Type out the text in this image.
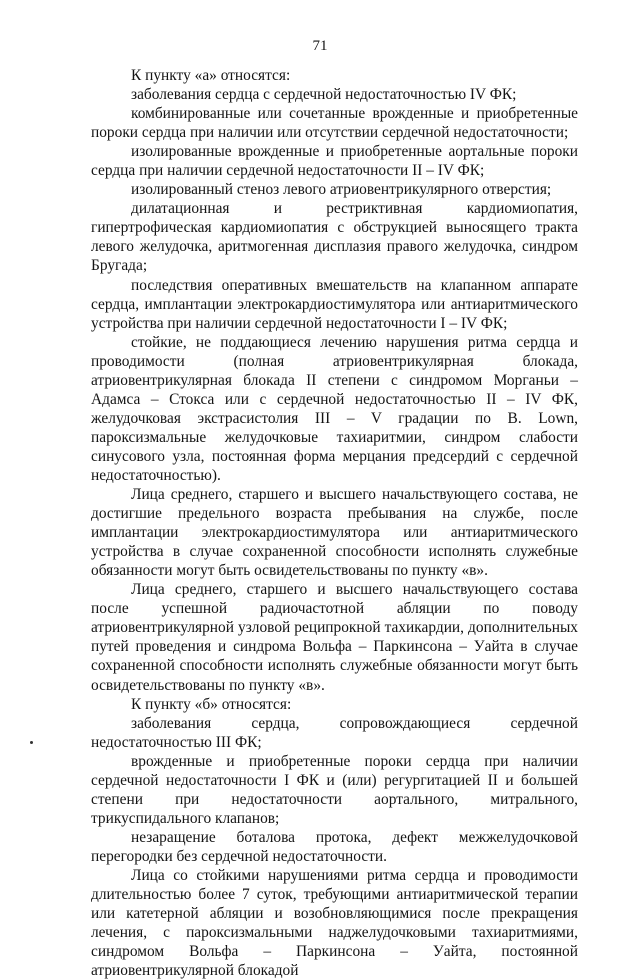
71

К пункту «а» относятся:

заболевания сердца с сердечной недостаточностью IV ФК;

комбинированные или сочетанные врожденные и приобретенные пороки сердца при наличии или отсутствии сердечной недостаточности;

изолированные врожденные и приобретенные аортальные пороки сердца при наличии сердечной недостаточности II – IV ФК;

изолированный стеноз левого атриовентрикулярного отверстия;

дилатационная и рестриктивная кардиомиопатия, гипертрофическая кардиомиопатия с обструкцией выносящего тракта левого желудочка, аритмогенная дисплазия правого желудочка, синдром Бругада;

последствия оперативных вмешательств на клапанном аппарате сердца, имплантации электрокардиостимулятора или антиаритмического устройства при наличии сердечной недостаточности I – IV ФК;

стойкие, не поддающиеся лечению нарушения ритма сердца и проводимости (полная атриовентрикулярная блокада, атриовентрикулярная блокада II степени с синдромом Морганьи – Адамса – Стокса или с сердечной недостаточностью II – IV ФК, желудочковая экстрасистолия III – V градации по B. Lown, пароксизмальные желудочковые тахиаритмии, синдром слабости синусового узла, постоянная форма мерцания предсердий с сердечной недостаточностью).

Лица среднего, старшего и высшего начальствующего состава, не достигшие предельного возраста пребывания на службе, после имплантации электрокардиостимулятора или антиаритмического устройства в случае сохраненной способности исполнять служебные обязанности могут быть освидетельствованы по пункту «в».

Лица среднего, старшего и высшего начальствующего состава после успешной радиочастотной абляции по поводу атриовентрикулярной узловой реципрокной тахикардии, дополнительных путей проведения и синдрома Вольфа – Паркинсона – Уайта в случае сохраненной способности исполнять служебные обязанности могут быть освидетельствованы по пункту «в».

К пункту «б» относятся:

заболевания сердца, сопровождающиеся сердечной недостаточностью III ФК;

врожденные и приобретенные пороки сердца при наличии сердечной недостаточности I ФК и (или) регургитацией II и большей степени при недостаточности аортального, митрального, трикуспидального клапанов;

незаращение боталова протока, дефект межжелудочковой перегородки без сердечной недостаточности.

Лица со стойкими нарушениями ритма сердца и проводимости длительностью более 7 суток, требующими антиаритмической терапии или катетерной абляции и возобновляющимися после прекращения лечения, с пароксизмальными наджелудочковыми тахиаритмиями, синдромом Вольфа – Паркинсона – Уайта, постоянной атриовентрикулярной блокадой
